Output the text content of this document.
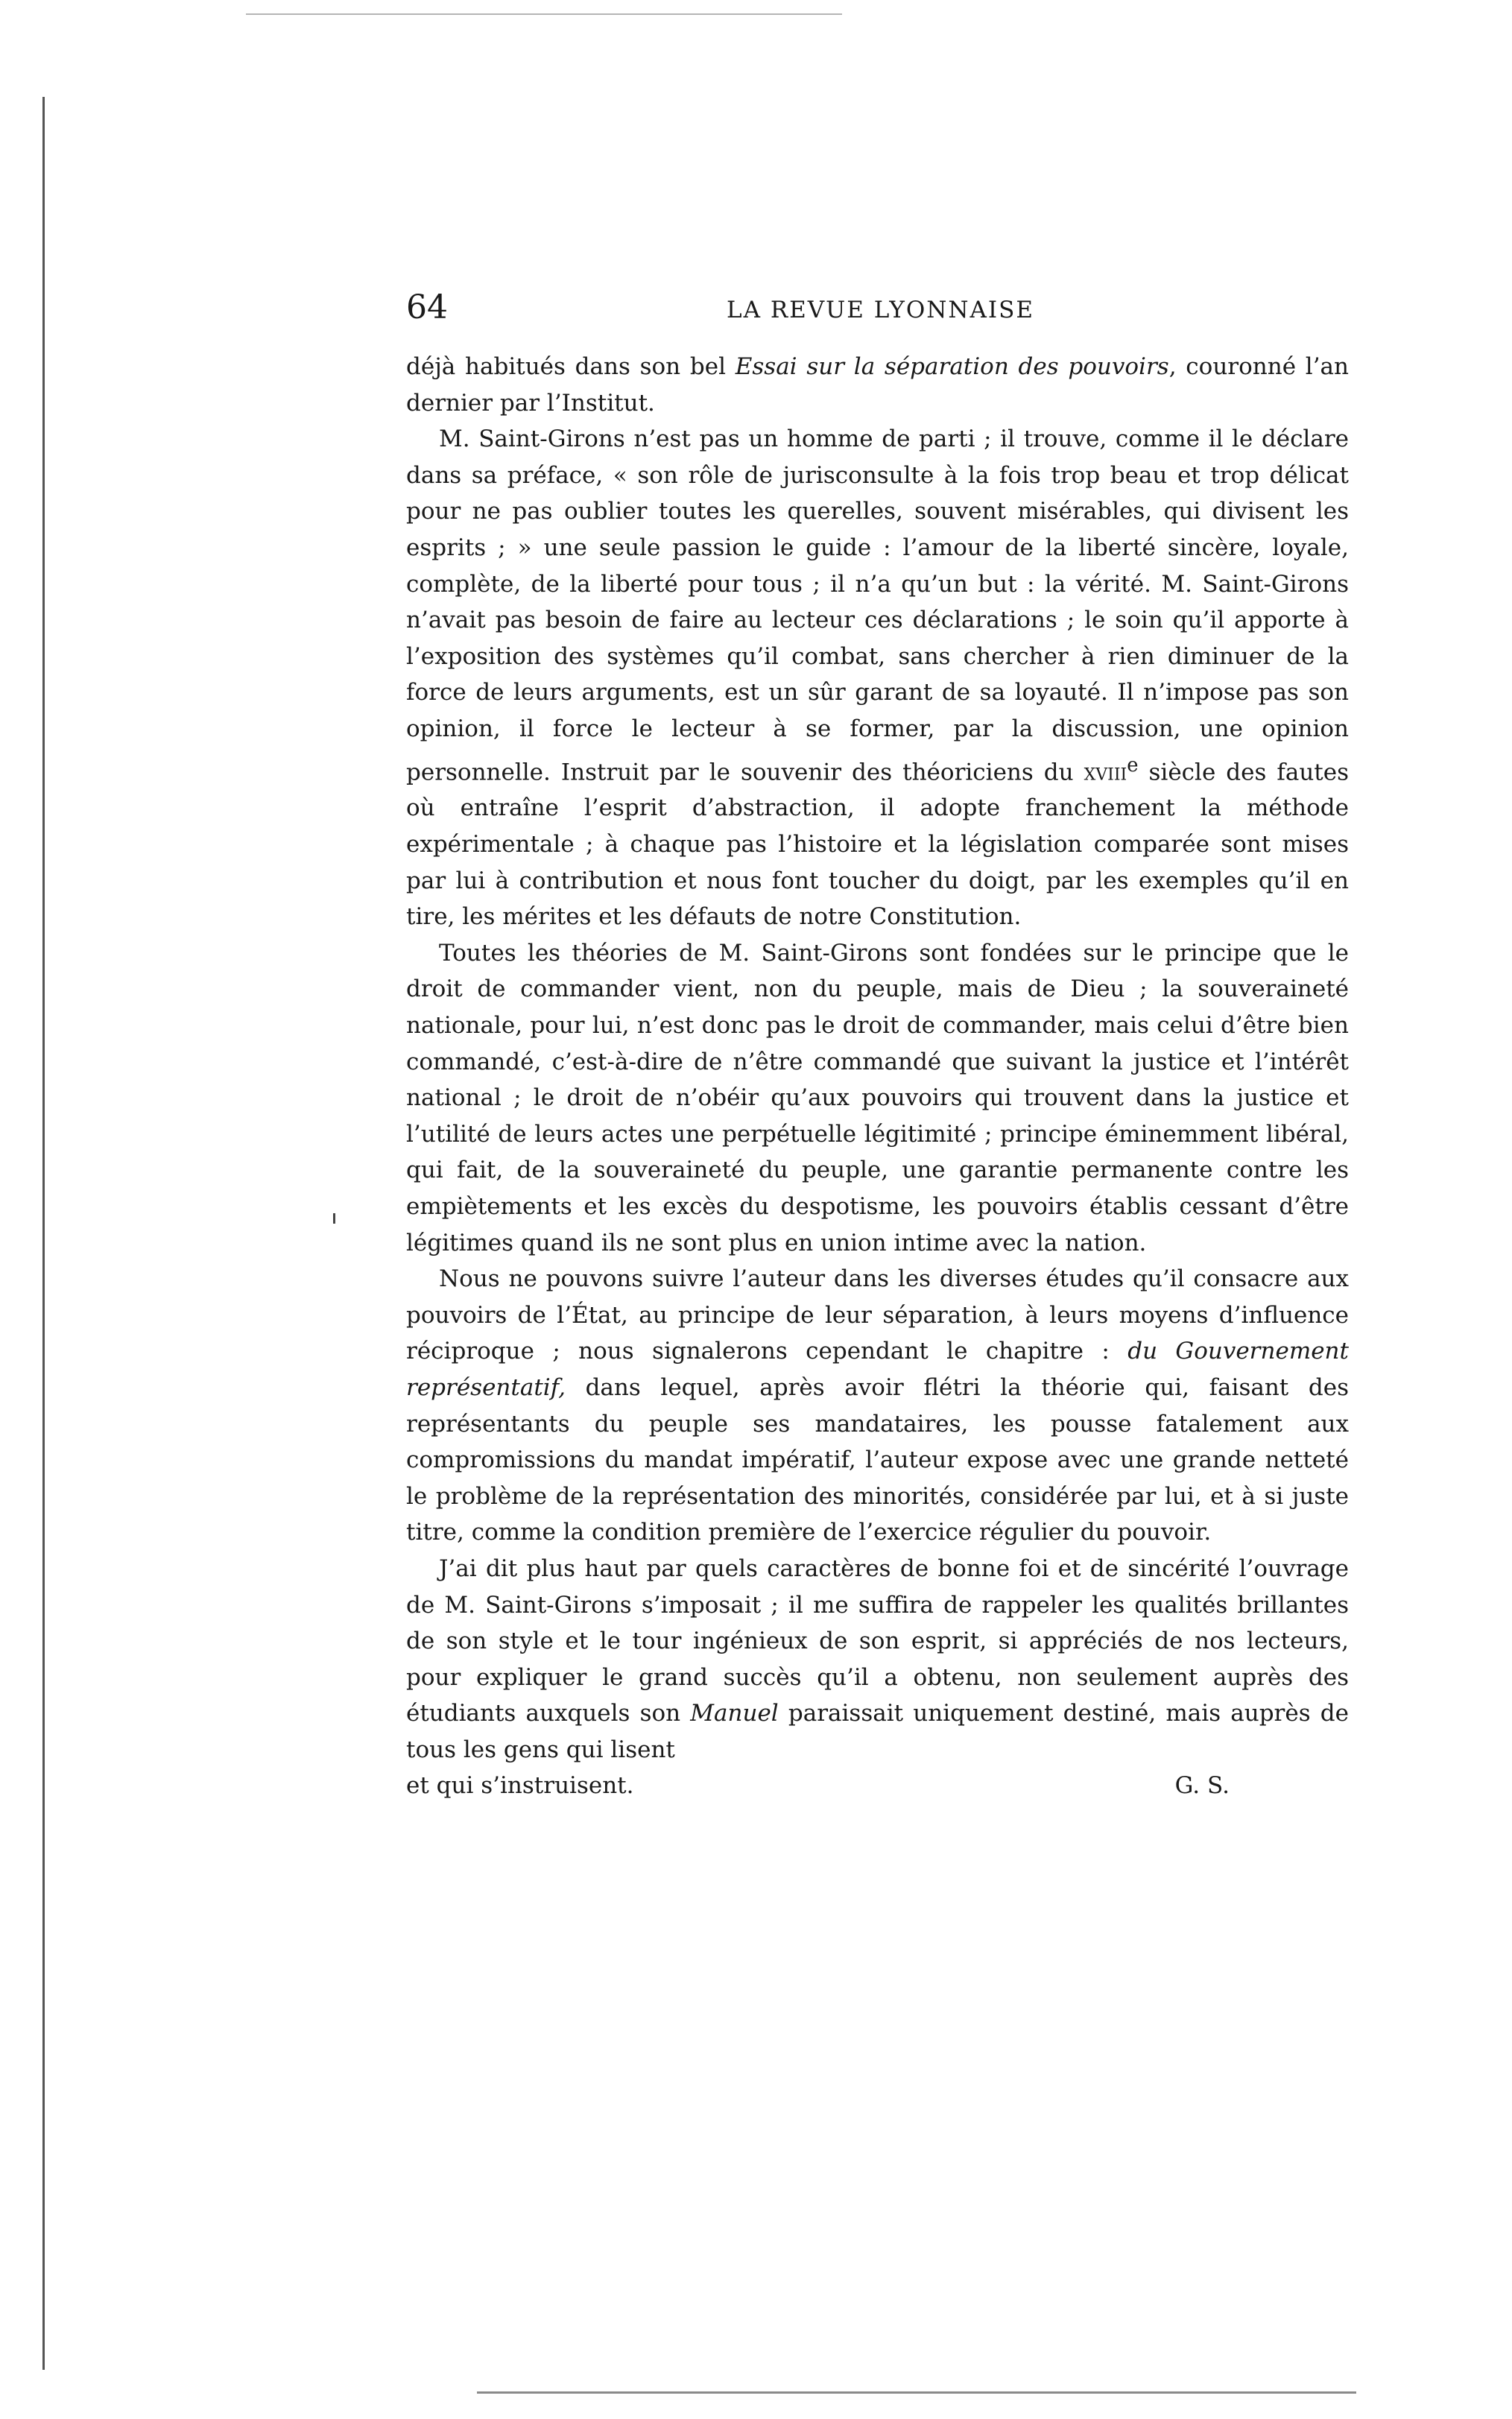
64	LA REVUE LYONNAISE

déjà habitués dans son bel Essai sur la séparation des pouvoirs, couronné l’an dernier par l’Institut.

M. Saint-Girons n’est pas un homme de parti ; il trouve, comme il le déclare dans sa préface, « son rôle de jurisconsulte à la fois trop beau et trop délicat pour ne pas oublier toutes les querelles, souvent misérables, qui divisent les esprits ; » une seule passion le guide : l’amour de la liberté sincère, loyale, complète, de la liberté pour tous ; il n’a qu’un but : la vérité. M. Saint-Girons n’avait pas besoin de faire au lecteur ces déclarations ; le soin qu’il apporte à l’exposition des systèmes qu’il combat, sans chercher à rien diminuer de la force de leurs arguments, est un sûr garant de sa loyauté. Il n’impose pas son opinion, il force le lecteur à se former, par la discussion, une opinion personnelle. Instruit par le souvenir des théoriciens du xviii$^e$ siècle des fautes où entraîne l’esprit d’abstraction, il adopte franchement la méthode expérimentale ; à chaque pas l’histoire et la législation comparée sont mises par lui à contribution et nous font toucher du doigt, par les exemples qu’il en tire, les mérites et les défauts de notre Constitution.

Toutes les théories de M. Saint-Girons sont fondées sur le principe que le droit de commander vient, non du peuple, mais de Dieu ; la souveraineté nationale, pour lui, n’est donc pas le droit de commander, mais celui d’être bien commandé, c’est-à-dire de n’être commandé que suivant la justice et l’intérêt national ; le droit de n’obéir qu’aux pouvoirs qui trouvent dans la justice et l’utilité de leurs actes une perpétuelle légitimité ; principe éminemment libéral, qui fait, de la souveraineté du peuple, une garantie permanente contre les empiètements et les excès du despotisme, les pouvoirs établis cessant d’être légitimes quand ils ne sont plus en union intime avec la nation.

Nous ne pouvons suivre l’auteur dans les diverses études qu’il consacre aux pouvoirs de l’État, au principe de leur séparation, à leurs moyens d’influence réciproque ; nous signalerons cependant le chapitre : du Gouvernement représentatif, dans lequel, après avoir flétri la théorie qui, faisant des représentants du peuple ses mandataires, les pousse fatalement aux compromissions du mandat impératif, l’auteur expose avec une grande netteté le problème de la représentation des minorités, considérée par lui, et à si juste titre, comme la condition première de l’exercice régulier du pouvoir.

J’ai dit plus haut par quels caractères de bonne foi et de sincérité l’ouvrage de M. Saint-Girons s’imposait ; il me suffira de rappeler les qualités brillantes de son style et le tour ingénieux de son esprit, si appréciés de nos lecteurs, pour expliquer le grand succès qu’il a obtenu, non seulement auprès des étudiants auxquels son Manuel paraissait uniquement destiné, mais auprès de tous les gens qui lisent

et qui s’instruisent.	G. S.
